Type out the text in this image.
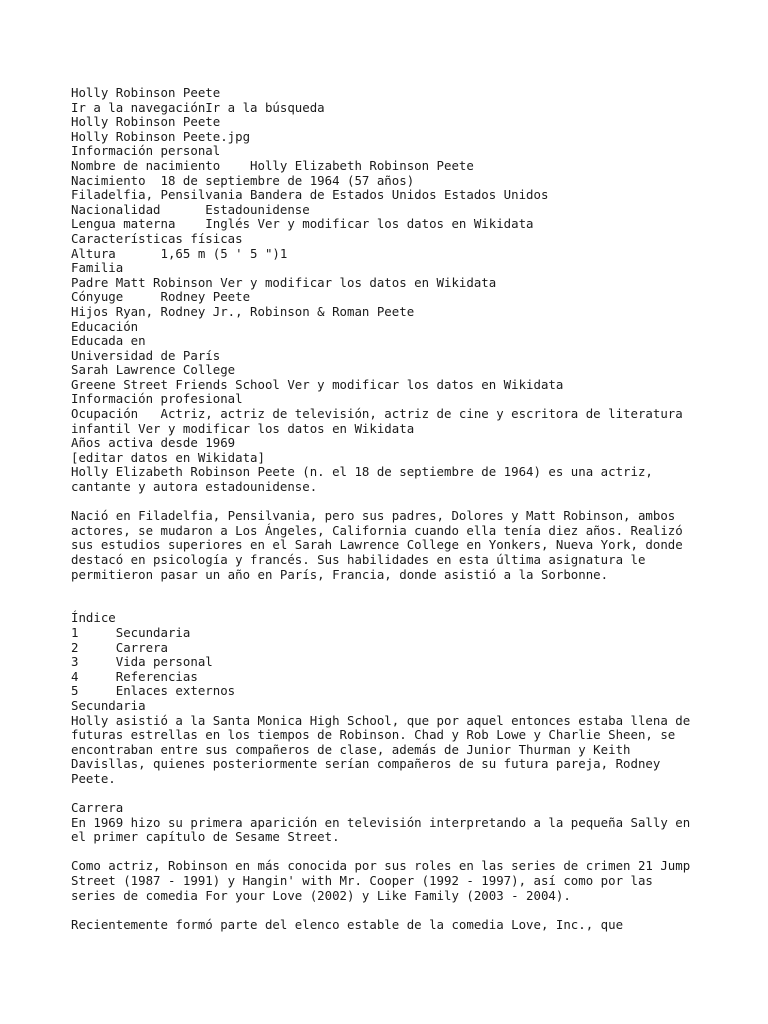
Holly Robinson Peete
Ir a la navegaciónIr a la búsqueda
Holly Robinson Peete
Holly Robinson Peete.jpg
Información personal
Nombre de nacimiento    Holly Elizabeth Robinson Peete
Nacimiento  18 de septiembre de 1964 (57 años)
Filadelfia, Pensilvania Bandera de Estados Unidos Estados Unidos
Nacionalidad      Estadounidense
Lengua materna    Inglés Ver y modificar los datos en Wikidata
Características físicas
Altura      1,65 m (5 ' 5 ")1
Familia
Padre Matt Robinson Ver y modificar los datos en Wikidata
Cónyuge     Rodney Peete
Hijos Ryan, Rodney Jr., Robinson & Roman Peete
Educación
Educada en
Universidad de París
Sarah Lawrence College
Greene Street Friends School Ver y modificar los datos en Wikidata
Información profesional
Ocupación   Actriz, actriz de televisión, actriz de cine y escritora de literatura
infantil Ver y modificar los datos en Wikidata
Años activa desde 1969
[editar datos en Wikidata]
Holly Elizabeth Robinson Peete (n. el 18 de septiembre de 1964) es una actriz,
cantante y autora estadounidense.
Nació en Filadelfia, Pensilvania, pero sus padres, Dolores y Matt Robinson, ambos
actores, se mudaron a Los Ángeles, California cuando ella tenía diez años. Realizó
sus estudios superiores en el Sarah Lawrence College en Yonkers, Nueva York, donde
destacó en psicología y francés. Sus habilidades en esta última asignatura le
permitieron pasar un año en París, Francia, donde asistió a la Sorbonne.
Índice
1     Secundaria
2     Carrera
3     Vida personal
4     Referencias
5     Enlaces externos
Secundaria
Holly asistió a la Santa Monica High School, que por aquel entonces estaba llena de
futuras estrellas en los tiempos de Robinson. Chad y Rob Lowe y Charlie Sheen, se
encontraban entre sus compañeros de clase, además de Junior Thurman y Keith
Davisllas, quienes posteriormente serían compañeros de su futura pareja, Rodney
Peete.
Carrera
En 1969 hizo su primera aparición en televisión interpretando a la pequeña Sally en
el primer capítulo de Sesame Street.
Como actriz, Robinson en más conocida por sus roles en las series de crimen 21 Jump
Street (1987 - 1991) y Hangin' with Mr. Cooper (1992 - 1997), así como por las
series de comedia For your Love (2002) y Like Family (2003 - 2004).
Recientemente formó parte del elenco estable de la comedia Love, Inc., que
